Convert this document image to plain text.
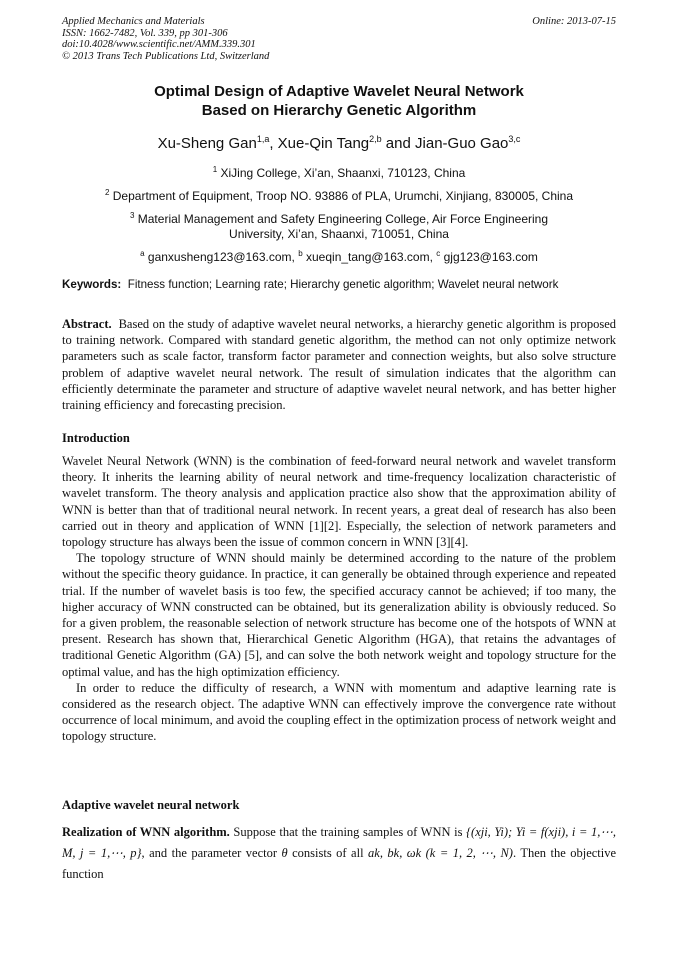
Applied Mechanics and Materials
ISSN: 1662-7482, Vol. 339, pp 301-306
doi:10.4028/www.scientific.net/AMM.339.301
© 2013 Trans Tech Publications Ltd, Switzerland
Online: 2013-07-15
Optimal Design of Adaptive Wavelet Neural Network
Based on Hierarchy Genetic Algorithm
Xu-Sheng Gan$^{1,a}$, Xue-Qin Tang$^{2,b}$ and Jian-Guo Gao$^{3,c}$
$^1$ XiJing College, Xi’an, Shaanxi, 710123, China
$^2$ Department of Equipment, Troop NO. 93886 of PLA, Urumchi, Xinjiang, 830005, China
$^3$ Material Management and Safety Engineering College, Air Force Engineering
University, Xi’an, Shaanxi, 710051, China
$^a$ ganxusheng123@163.com, $^b$ xueqin_tang@163.com, $^c$ gjg123@163.com
Keywords: Fitness function; Learning rate; Hierarchy genetic algorithm; Wavelet neural network
Abstract. Based on the study of adaptive wavelet neural networks, a hierarchy genetic algorithm is proposed to training network. Compared with standard genetic algorithm, the method can not only optimize network parameters such as scale factor, transform factor parameter and connection weights, but also solve structure problem of adaptive wavelet neural network. The result of simulation indicates that the algorithm can efficiently determinate the parameter and structure of adaptive wavelet neural network, and has better higher training efficiency and forecasting precision.
Introduction

Wavelet Neural Network (WNN) is the combination of feed-forward neural network and wavelet transform theory. It inherits the learning ability of neural network and time-frequency localization characteristic of wavelet transform. The theory analysis and application practice also show that the approximation ability of WNN is better than that of traditional neural network. In recent years, a great deal of research has also been carried out in theory and application of WNN [1][2]. Especially, the selection of network parameters and topology structure has always been the issue of common concern in WNN [3][4].

The topology structure of WNN should mainly be determined according to the nature of the problem without the specific theory guidance. In practice, it can generally be obtained through experience and repeated trial. If the number of wavelet basis is too few, the specified accuracy cannot be achieved; if too many, the higher accuracy of WNN constructed can be obtained, but its generalization ability is obviously reduced. So for a given problem, the reasonable selection of network structure has become one of the hotspots of WNN at present. Research has shown that, Hierarchical Genetic Algorithm (HGA), that retains the advantages of traditional Genetic Algorithm (GA) [5], and can solve the both network weight and topology structure for the optimal value, and has the high optimization efficiency.

In order to reduce the difficulty of research, a WNN with momentum and adaptive learning rate is considered as the research object. The adaptive WNN can effectively improve the convergence rate without occurrence of local minimum, and avoid the coupling effect in the optimization process of network weight and topology structure.

Adaptive wavelet neural network
Realization of WNN algorithm. Suppose that the training samples of WNN is {(xji, Yi); Yi = f(xji), i = 1,⋯, M, j = 1,⋯, p}, and the parameter vector θ consists of all ak, bk, ωk (k = 1, 2, ⋯, N). Then the objective function
